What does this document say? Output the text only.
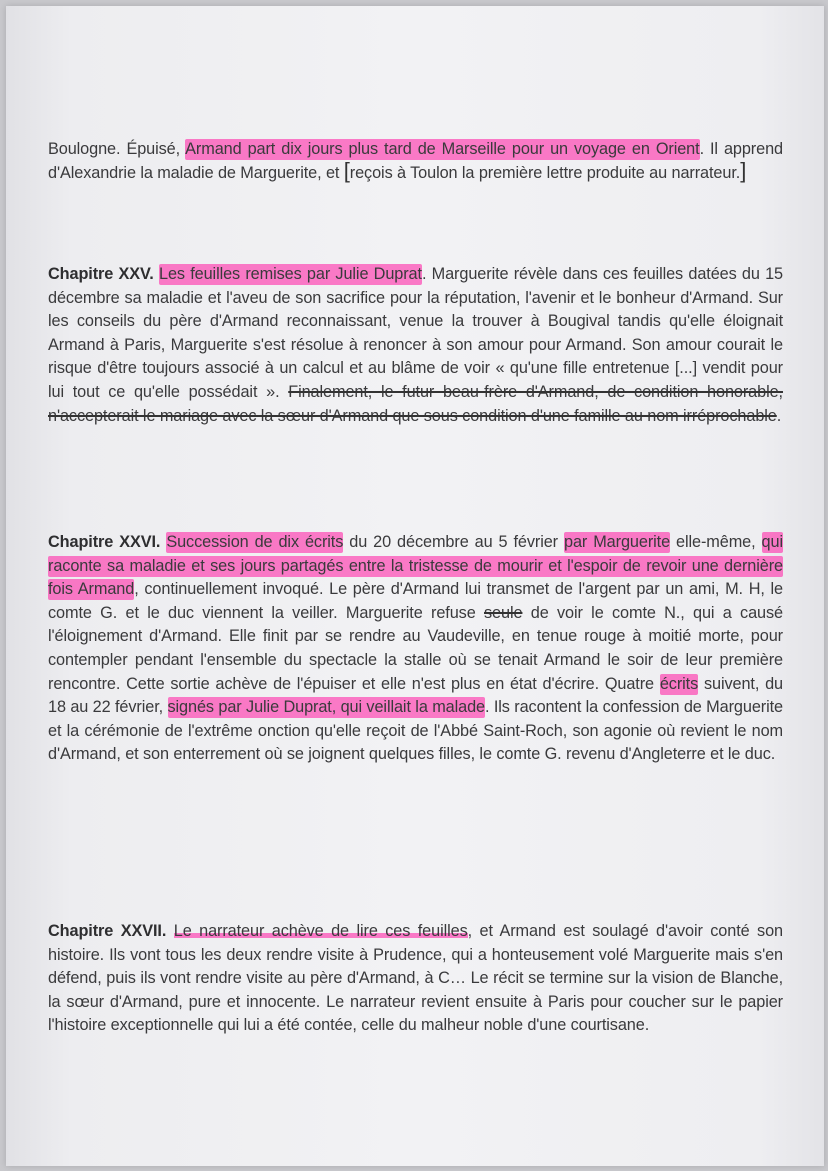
Boulogne. Épuisé, Armand part dix jours plus tard de Marseille pour un voyage en Orient. Il apprend d'Alexandrie la maladie de Marguerite, et [reçois à Toulon la première lettre produite au narrateur.]

Chapitre XXV. Les feuilles remises par Julie Duprat. Marguerite révèle dans ces feuilles datées du 15 décembre sa maladie et l'aveu de son sacrifice pour la réputation, l'avenir et le bonheur d'Armand. Sur les conseils du père d'Armand reconnaissant, venue la trouver à Bougival tandis qu'elle éloignait Armand à Paris, Marguerite s'est résolue à renoncer à son amour pour Armand. Son amour courait le risque d'être toujours associé à un calcul et au blâme de voir « qu'une fille entretenue [...] vendit pour lui tout ce qu'elle possédait ». Finalement, le futur beau-frère d'Armand, de condition honorable, n'accepterait le mariage avec la sœur d'Armand que sous condition d'une famille au nom irréprochable.

Chapitre XXVI. Succession de dix écrits du 20 décembre au 5 février par Marguerite elle-même, qui raconte sa maladie et ses jours partagés entre la tristesse de mourir et l'espoir de revoir une dernière fois Armand, continuellement invoqué. Le père d'Armand lui transmet de l'argent par un ami, M. H, le comte G. et le duc viennent la veiller. Marguerite refuse seule de voir le comte N., qui a causé l'éloignement d'Armand. Elle finit par se rendre au Vaudeville, en tenue rouge à moitié morte, pour contempler pendant l'ensemble du spectacle la stalle où se tenait Armand le soir de leur première rencontre. Cette sortie achève de l'épuiser et elle n'est plus en état d'écrire. Quatre écrits suivent, du 18 au 22 février, signés par Julie Duprat, qui veillait la malade. Ils racontent la confession de Marguerite et la cérémonie de l'extrême onction qu'elle reçoit de l'Abbé Saint-Roch, son agonie où revient le nom d'Armand, et son enterrement où se joignent quelques filles, le comte G. revenu d'Angleterre et le duc.

Chapitre XXVII. Le narrateur achève de lire ces feuilles, et Armand est soulagé d'avoir conté son histoire. Ils vont tous les deux rendre visite à Prudence, qui a honteusement volé Marguerite mais s'en défend, puis ils vont rendre visite au père d'Armand, à C… Le récit se termine sur la vision de Blanche, la sœur d'Armand, pure et innocente. Le narrateur revient ensuite à Paris pour coucher sur le papier l'histoire exceptionnelle qui lui a été contée, celle du malheur noble d'une courtisane.
